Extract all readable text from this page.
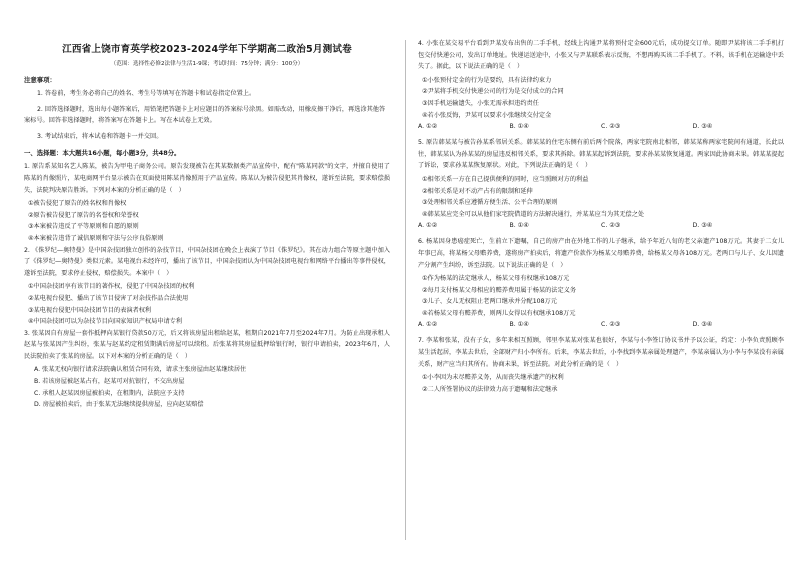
江西省上饶市育英学校2023-2024学年下学期高二政治5月测试卷
（范围：选择性必修2法律与生活1-9课；考试时间：75分钟；满分：100分）
注意事项：
1. 答卷前，考生务必将自己的姓名、考生号等填写在答题卡和试卷指定位置上。
2. 回答选择题时，选出每小题答案后，用铅笔把答题卡上对应题目的答案标号涂黑。如需改动，用橡皮擦干净后，再选涂其他答案标号。回答非选择题时，将答案写在答题卡上。写在本试卷上无效。
3. 考试结束后，将本试卷和答题卡一并交回。
一、选择题：本大题共16小题，每小题3分，共48分。
1. 原告系某知名艺人陈某，被告为甲电子商务公司。原告发现被告在其某数据类产品宣传中，配有"陈某同款"的文字，并擅自使用了陈某的肖像照片，某电商网平台显示被告在页面使用陈某肖像照用于产品宣传。陈某认为被告侵犯其肖像权，遂诉至法院，要求赔偿损失，法院判决原告胜诉。下列对本案的分析正确的是（　）
①被告侵犯了原告的姓名权和肖像权
②原告被告侵犯了原告的名誉权和荣誉权
③本案被告违反了平等原则和自愿的原则
④本案被告违背了诚信原则和守法与公序良俗原则
2. 《侏罗纪—奥特曼》是中国杂技团独立创作的杂技节目，中国杂技团在晚会上表演了节目《侏罗纪》。其在动力组合等原主题中加入了《侏罗纪—奥特曼》类似元素。某电视台未经许可，播出了该节目，中国杂技团认为中国杂技团电视台和网络平台播出等事件侵权，遂诉至法院，要求停止侵权，赔偿损失。本案中（　）
①中国杂技团享有该节目的著作权，侵犯了中国杂技团的权利
②某电视台侵犯、播出了该节目侵害了对杂技作品合法使用
③某电视台侵犯中国杂技团节目的表演者权利
④中国杂技团可以为杂技节目向国家知识产权局申请专利
3. 张某因自有房屋一套作抵押向某银行贷款50万元，后又将该房屋出租给赵某，租期自2021年7月至2024年7月。为防止出现承租人赵某与张某因产生纠纷，张某与赵某约定租赁期满后房屋可以续租。后张某将其房屋抵押给银行时，银行申请拍卖，2023年6月，人民法院拍卖了张某的房屋。以下对本案的分析正确的是（　）
A. 张某无权向银行请求法院确认租赁合同有效，请求主张房屋由赵某继续居住
B. 若该房屋被赵某占有，赵某可对抗银行，不交出房屋
C. 承租人赵某因房屋被拍卖，在租期内，法院应予支持
D. 房屋被拍卖后，由于张某无法继续提供房屋，应向赵某赔偿
4. 小张在某交易平台看到尹某发布出售的二手手机，经线上沟通尹某将预付定金600元后，成功提交订单。随即尹某将该二手手机打包交付快递公司，发出订单地址。快递运送途中，小张又与尹某联系表示反悔，不想再购买该二手手机了。不料，该手机在运输途中丢失了。据此，以下说法正确的是（　）
①小张预付定金的行为是要约，具有法律约束力
②尹某将手机交付快递公司的行为是交付成立的合同
③因手机运输遗失，小张无需承担违约责任
④若小张反悔，尹某可以要求小张继续交付定金
A. ①②	B. ①④	C. ②③	D. ③④
5. 原告韩某某与被告孙某系邻居关系。韩某某的住宅东侧有前后两个院落，两家宅院南北相邻，韩某某称两家宅院间有通道，长此以往，韩某某认为孙某某的房屋违反相邻关系，要求其拆除。韩某某起诉到法院，要求孙某某恢复通道。两家因此协商未果。韩某某提起了诉讼，要求孙某某恢复原状。对此，下列说法正确的是（　）
①相邻关系一方在自己提供便利的同时，应当照顾对方的利益
②相邻关系是对不动产占有的限制和延伸
③处理相邻关系应遵循方便生活、公平合理的原则
④韩某某应完全可以从他们家宅院借道的方法解决通行，并某某应当为其无偿之处
A. ①②	B. ①④	C. ②③	D. ③④
6. 杨某因身患癌症死亡，生前立下遗嘱，自己的房产由在外地工作的儿子继承，给予年近八旬的老父亲遗产108万元。其妻于二女儿年事已高，将某杨父母赡养费，遂将房产拍卖后，将遗产价款作为杨某父母赡养费，给杨某父母各108万元。老两口与儿子、女儿因遗产分割产生纠纷，诉至法院。以下说法正确的是（　）
①作为杨某的法定继承人，杨某父母有权继承108万元
②每月支付杨某父母相应的赡养费用属于杨某的法定义务
③儿子、女儿无权阻止老两口继承并分配108万元
④若杨某父母有赡养费，则两儿女得以有权继承108万元
A. ①②	B. ①④	C. ②③	D. ③④
7. 李某和张某，没有子女，多年来相互照顾，邻里李某某对张某也很好，李某与小李签订协议书并予以公证，约定：小李负责照顾李某生活起居，李某去世后，全部财产归小李所有。后来，李某去世后，小李找到李某亲属处理遗产，李某亲属认为小李与李某没有亲属关系，财产应当归其所有。协商未果，诉至法院。对此分析正确的是（　）
①小李因为未尽赡养义务，从而丧失继承遗产的权利
②二人所签署协议的法律效力高于遗嘱和法定继承
